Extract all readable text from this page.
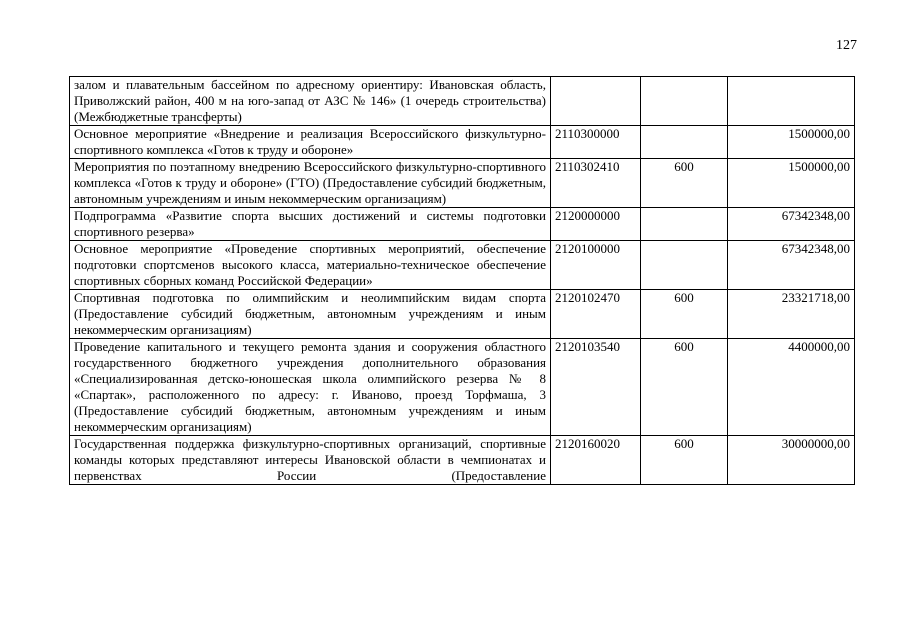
127
залом и плавательным бассейном по адресному ориентиру: Ивановская область, Приволжский район, 400 м на юго-запад от АЗС № 146» (1 очередь строительства) (Межбюджетные трансферты)			
Основное мероприятие «Внедрение и реализация Всероссийского физкультурно-спортивного комплекса «Готов к труду и обороне»	2110300000		1500000,00
Мероприятия по поэтапному внедрению Всероссийского физкультурно-спортивного комплекса «Готов к труду и обороне» (ГТО) (Предоставление субсидий бюджетным, автономным учреждениям и иным некоммерческим организациям)	2110302410	600	1500000,00
Подпрограмма «Развитие спорта высших достижений и системы подготовки спортивного резерва»	2120000000		67342348,00
Основное мероприятие «Проведение спортивных мероприятий, обеспечение подготовки спортсменов высокого класса, материально-техническое обеспечение спортивных сборных команд Российской Федерации»	2120100000		67342348,00
Спортивная подготовка по олимпийским и неолимпийским видам спорта (Предоставление субсидий бюджетным, автономным учреждениям и иным некоммерческим организациям)	2120102470	600	23321718,00
Проведение капитального и текущего ремонта здания и сооружения областного государственного бюджетного учреждения дополнительного образования «Специализированная детско-юношеская школа олимпийского резерва № 8 «Спартак», расположенного по адресу: г. Иваново, проезд Торфмаша, 3 (Предоставление субсидий бюджетным, автономным учреждениям и иным некоммерческим организациям)	2120103540	600	4400000,00

Государственная поддержка физкультурно-спортивных организаций, спортивные команды которых представляют интересы Ивановской области в чемпионатах и первенствах России (Предоставление	2120160020	600	30000000,00
